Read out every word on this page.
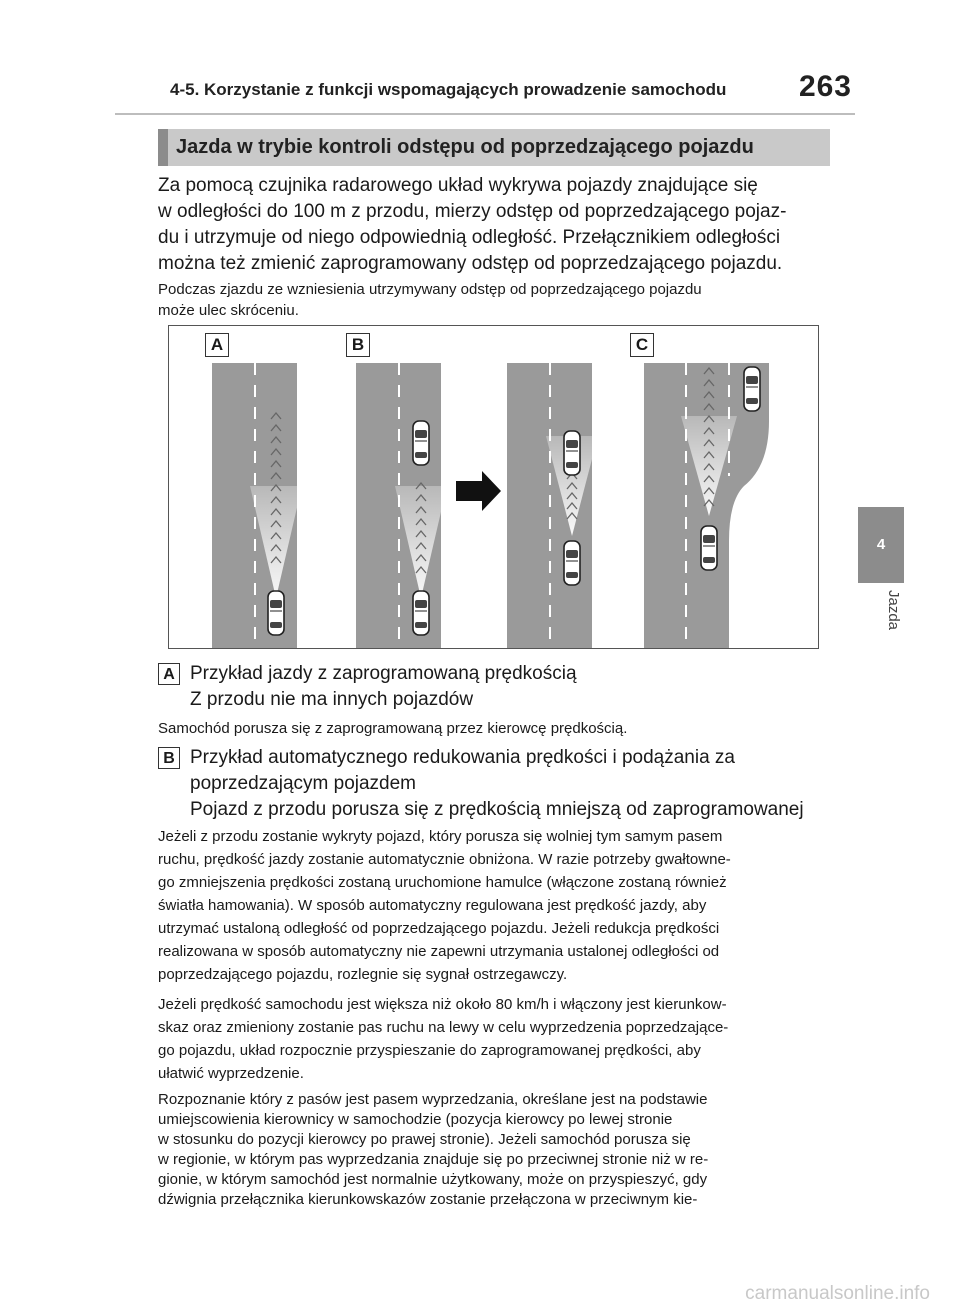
4-5. Korzystanie z funkcji wspomagających prowadzenie samochodu 263
4
Jazda
Jazda w trybie kontroli odstępu od poprzedzającego pojazdu

Za pomocą czujnika radarowego układ wykrywa pojazdy znajdujące się

w odległości do 100 m z przodu, mierzy odstęp od poprzedzającego pojaz-

du i utrzymuje od niego odpowiednią odległość. Przełącznikiem odległości

można też zmienić zaprogramowany odstęp od poprzedzającego pojazdu.

Podczas zjazdu ze wzniesienia utrzymywany odstęp od poprzedzającego pojazdu

może ulec skróceniu.

A	B	C
A Przykład jazdy z zaprogramowaną prędkością

Z przodu nie ma innych pojazdów

Samochód porusza się z zaprogramowaną przez kierowcę prędkością.

B Przykład automatycznego redukowania prędkości i podążania za

poprzedzającym pojazdem

Pojazd z przodu porusza się z prędkością mniejszą od zaprogramowanej

Jeżeli z przodu zostanie wykryty pojazd, który porusza się wolniej tym samym pasem

ruchu, prędkość jazdy zostanie automatycznie obniżona. W razie potrzeby gwałtowne-

go zmniejszenia prędkości zostaną uruchomione hamulce (włączone zostaną również

światła hamowania). W sposób automatyczny regulowana jest prędkość jazdy, aby

utrzymać ustaloną odległość od poprzedzającego pojazdu. Jeżeli redukcja prędkości

realizowana w sposób automatyczny nie zapewni utrzymania ustalonej odległości od

poprzedzającego pojazdu, rozlegnie się sygnał ostrzegawczy.

Jeżeli prędkość samochodu jest większa niż około 80 km/h i włączony jest kierunkow-

skaz oraz zmieniony zostanie pas ruchu na lewy w celu wyprzedzenia poprzedzające-

go pojazdu, układ rozpocznie przyspieszanie do zaprogramowanej prędkości, aby

ułatwić wyprzedzenie.

Rozpoznanie który z pasów jest pasem wyprzedzania, określane jest na podstawie

umiejscowienia kierownicy w samochodzie (pozycja kierowcy po lewej stronie

w stosunku do pozycji kierowcy po prawej stronie). Jeżeli samochód porusza się

w regionie, w którym pas wyprzedzania znajduje się po przeciwnej stronie niż w re-

gionie, w którym samochód jest normalnie użytkowany, może on przyspieszyć, gdy

dźwignia przełącznika kierunkowskazów zostanie przełączona w przeciwnym kie-

carmanualsonline.info
